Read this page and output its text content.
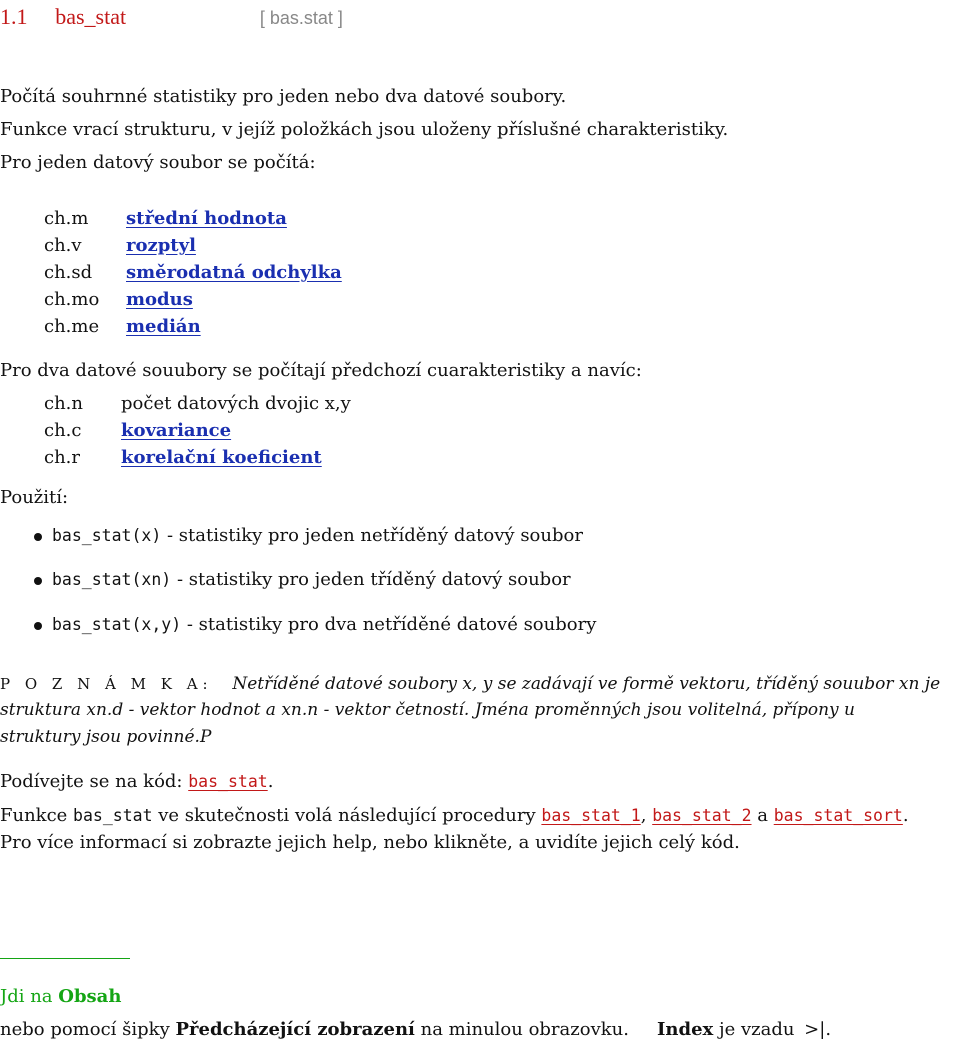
1.1 bas_stat	[ bas.stat ]
Počítá souhrnné statistiky pro jeden nebo dva datové soubory.
Funkce vrací strukturu, v jejíž položkách jsou uloženy příslušné charakteristiky.
Pro jeden datový soubor se počítá:
ch.m střední hodnota
ch.v rozptyl
ch.sd směrodatná odchylka
ch.mo modus
ch.me medián
Pro dva datové souubory se počítají předchozí cuarakteristiky a navíc:
ch.n počet datových dvojic x,y
ch.c kovariance
ch.r korelační koeficient
Použití:
bas_stat(x) - statistiky pro jeden netříděný datový soubor
bas_stat(xn) - statistiky pro jeden tříděný datový soubor
bas_stat(x,y) - statistiky pro dva netříděné datové soubory
P O Z N Á M K A: Netříděné datové soubory x, y se zadávají ve formě vektoru, tříděný souubor xn je
struktura xn.d - vektor hodnot a xn.n - vektor četností. Jména proměnných jsou volitelná, přípony u
struktury jsou povinné.P
Podívejte se na kód: bas_stat.
Funkce bas_stat ve skutečnosti volá následující procedury bas_stat_1, bas_stat_2 a bas_stat_sort.
Pro více informací si zobrazte jejich help, nebo klikněte, a uvidíte jejich celý kód.
Jdi na Obsah
nebo pomocí šipky Předcházející zobrazení na minulou obrazovku. Index je vzadu >|.
